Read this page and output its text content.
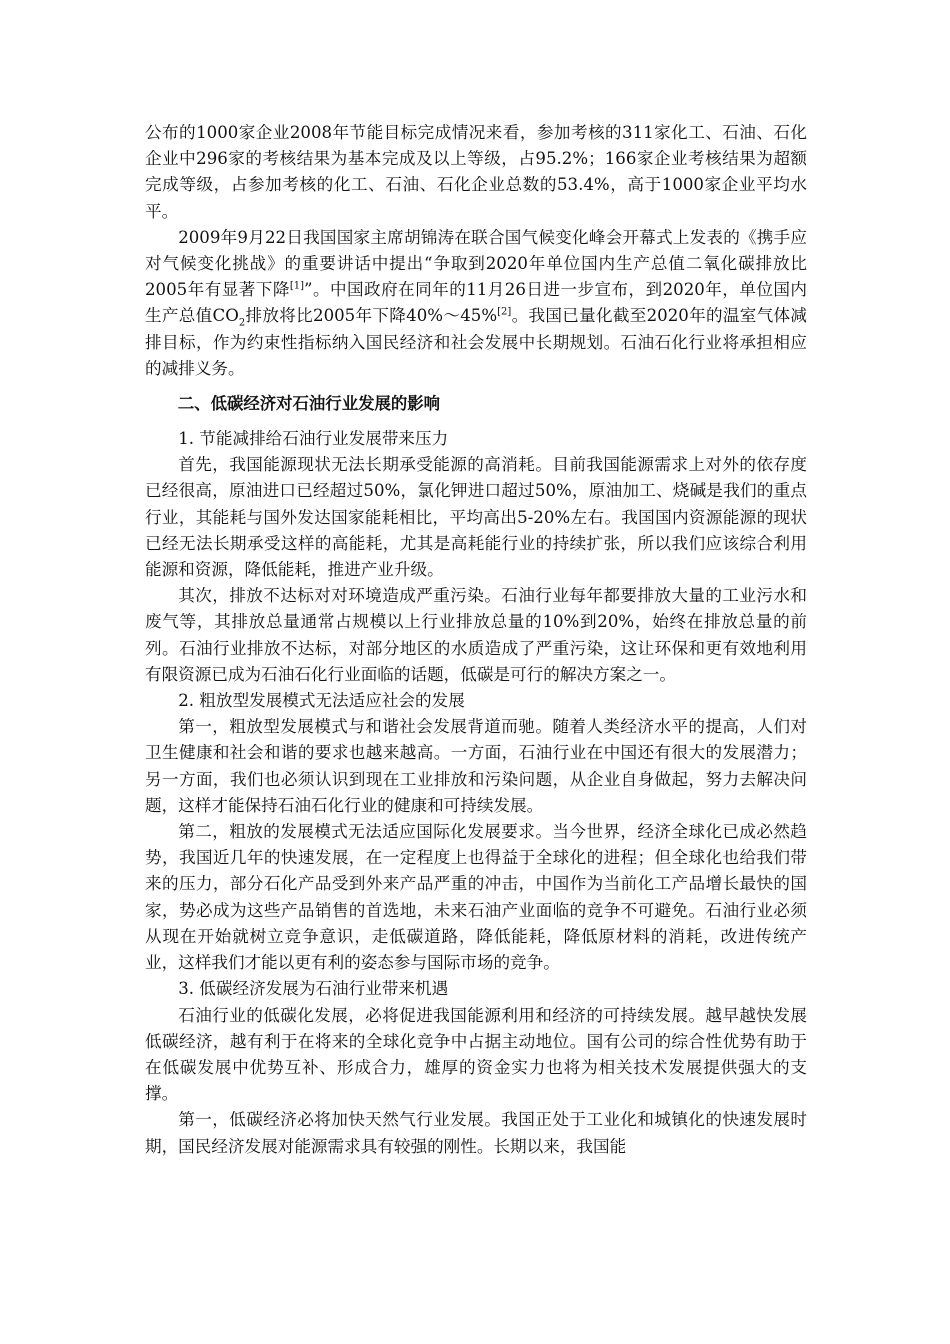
公布的1000家企业2008年节能目标完成情况来看，参加考核的311家化工、石油、石化企业中296家的考核结果为基本完成及以上等级，占95.2%；166家企业考核结果为超额完成等级，占参加考核的化工、石油、石化企业总数的53.4%，高于1000家企业平均水平。

2009年9月22日我国国家主席胡锦涛在联合国气候变化峰会开幕式上发表的《携手应对气候变化挑战》的重要讲话中提出“争取到2020年单位国内生产总值二氧化碳排放比2005年有显著下降[1]”。中国政府在同年的11月26日进一步宣布，到2020年，单位国内生产总值$CO_2$排放将比2005年下降40%～45%[2]。我国已量化截至2020年的温室气体减排目标，作为约束性指标纳入国民经济和社会发展中长期规划。石油石化行业将承担相应的减排义务。

二、低碳经济对石油行业发展的影响

1. 节能减排给石油行业发展带来压力

首先，我国能源现状无法长期承受能源的高消耗。目前我国能源需求上对外的依存度已经很高，原油进口已经超过50%，氯化钾进口超过50%，原油加工、烧碱是我们的重点行业，其能耗与国外发达国家能耗相比，平均高出5-20%左右。我国国内资源能源的现状已经无法长期承受这样的高能耗，尤其是高耗能行业的持续扩张，所以我们应该综合利用能源和资源，降低能耗，推进产业升级。

其次，排放不达标对对环境造成严重污染。石油行业每年都要排放大量的工业污水和废气等，其排放总量通常占规模以上行业排放总量的10%到20%，始终在排放总量的前列。石油行业排放不达标，对部分地区的水质造成了严重污染，这让环保和更有效地利用有限资源已成为石油石化行业面临的话题，低碳是可行的解决方案之一。

2. 粗放型发展模式无法适应社会的发展

第一，粗放型发展模式与和谐社会发展背道而驰。随着人类经济水平的提高，人们对卫生健康和社会和谐的要求也越来越高。一方面，石油行业在中国还有很大的发展潜力；另一方面，我们也必须认识到现在工业排放和污染问题，从企业自身做起，努力去解决问题，这样才能保持石油石化行业的健康和可持续发展。

第二，粗放的发展模式无法适应国际化发展要求。当今世界，经济全球化已成必然趋势，我国近几年的快速发展，在一定程度上也得益于全球化的进程；但全球化也给我们带来的压力，部分石化产品受到外来产品严重的冲击，中国作为当前化工产品增长最快的国家，势必成为这些产品销售的首选地，未来石油产业面临的竞争不可避免。石油行业必须从现在开始就树立竞争意识，走低碳道路，降低能耗，降低原材料的消耗，改进传统产业，这样我们才能以更有利的姿态参与国际市场的竞争。

3. 低碳经济发展为石油行业带来机遇

石油行业的低碳化发展，必将促进我国能源利用和经济的可持续发展。越早越快发展低碳经济，越有利于在将来的全球化竞争中占据主动地位。国有公司的综合性优势有助于在低碳发展中优势互补、形成合力，雄厚的资金实力也将为相关技术发展提供强大的支撑。

第一，低碳经济必将加快天然气行业发展。我国正处于工业化和城镇化的快速发展时期，国民经济发展对能源需求具有较强的刚性。长期以来，我国能
